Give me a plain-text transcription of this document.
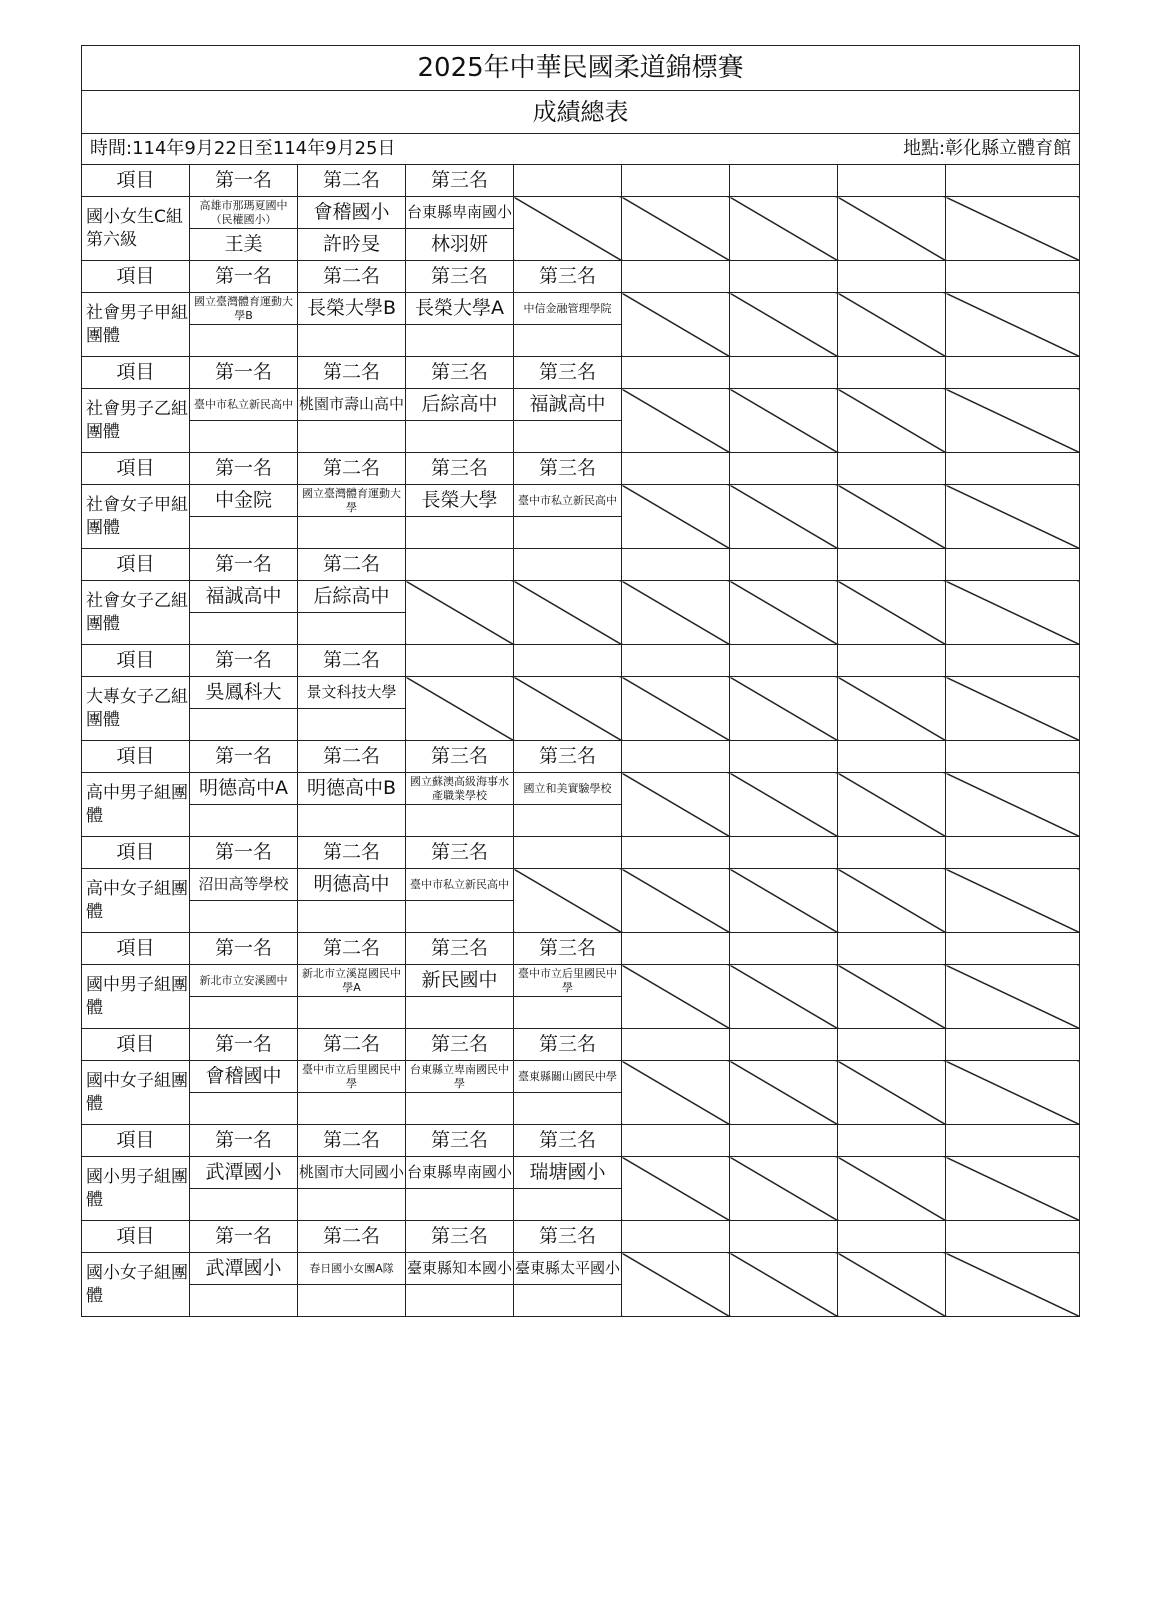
2025年中華民國柔道錦標賽								
成績總表								
時間:114年9月22日至114年9月25日 地點:彰化縣立體育館								

項目	第一名	第二名	第三名					
國小女生C組第六級	高雄市那瑪夏國中（民權國小）	會稽國小	台東縣卑南國小					
	王美	許昑旻	林羽妍					
項目	第一名	第二名	第三名	第三名				
社會男子甲組團體	國立臺灣體育運動大學B	長榮大學B	長榮大學A	中信金融管理學院				

項目	第一名	第二名	第三名	第三名				
社會男子乙組團體	臺中市私立新民高中	桃園市壽山高中	后綜高中	福誠高中				

項目	第一名	第二名	第三名	第三名				
社會女子甲組團體	中金院	國立臺灣體育運動大學	長榮大學	臺中市私立新民高中				

項目	第一名	第二名						
社會女子乙組團體	福誠高中	后綜高中						

項目	第一名	第二名						
大專女子乙組團體	吳鳳科大	景文科技大學						

項目	第一名	第二名	第三名	第三名				
高中男子組團體	明德高中A	明德高中B	國立蘇澳高級海事水產職業學校	國立和美實驗學校				

項目	第一名	第二名	第三名					
高中女子組團體	沼田高等學校	明德高中	臺中市私立新民高中					

項目	第一名	第二名	第三名	第三名				
國中男子組團體	新北市立安溪國中	新北市立溪崑國民中學A	新民國中	臺中市立后里國民中學				

項目	第一名	第二名	第三名	第三名				
國中女子組團體	會稽國中	臺中市立后里國民中學	台東縣立卑南國民中學	臺東縣關山國民中學				

項目	第一名	第二名	第三名	第三名				
國小男子組團體	武潭國小	桃園市大同國小	台東縣卑南國小	瑞塘國小				

項目	第一名	第二名	第三名	第三名				
國小女子組團體	武潭國小	春日國小女團A隊	臺東縣知本國小	臺東縣太平國小				
